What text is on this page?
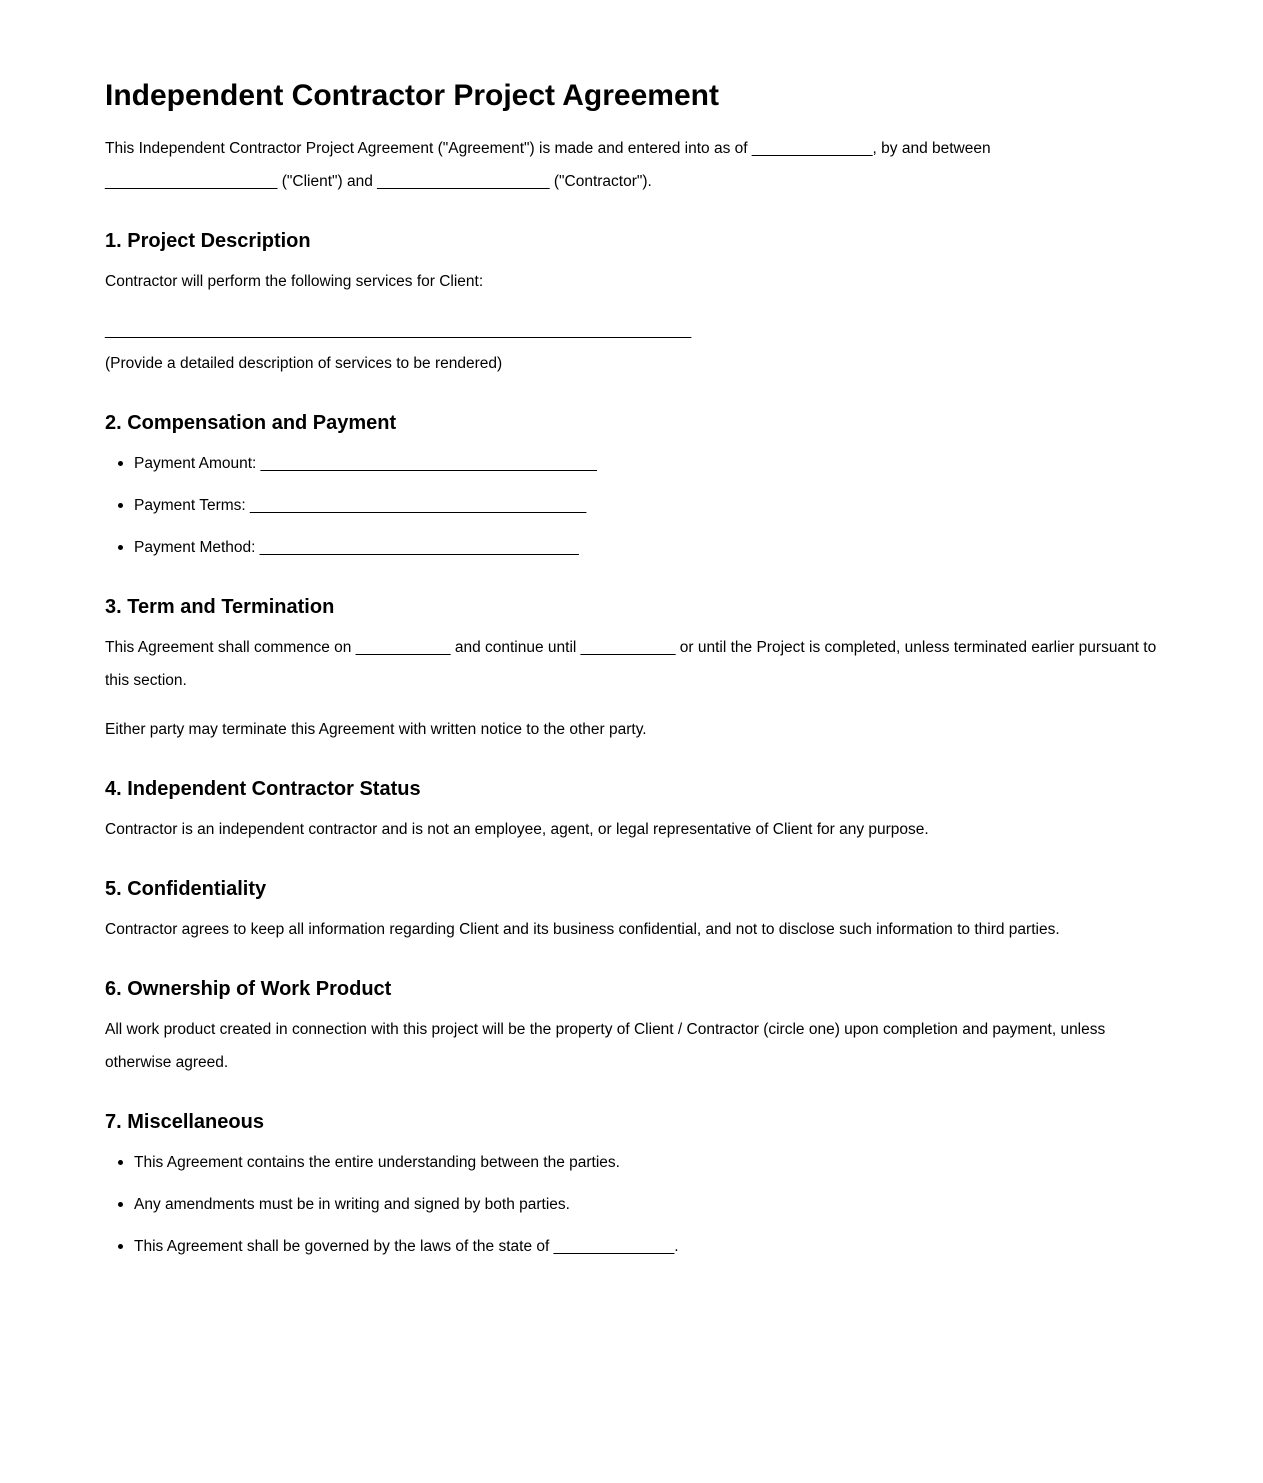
Independent Contractor Project Agreement

This Independent Contractor Project Agreement ("Agreement") is made and entered into as of ______________, by and between ____________________ ("Client") and ____________________ ("Contractor").

1. Project Description

Contractor will perform the following services for Client:

____________________________________________________________________

(Provide a detailed description of services to be rendered)

2. Compensation and Payment
Payment Amount: _______________________________________
Payment Terms: _______________________________________
Payment Method: _____________________________________
3. Term and Termination

This Agreement shall commence on ___________ and continue until ___________ or until the Project is completed, unless terminated earlier pursuant to this section.

Either party may terminate this Agreement with written notice to the other party.

4. Independent Contractor Status

Contractor is an independent contractor and is not an employee, agent, or legal representative of Client for any purpose.

5. Confidentiality

Contractor agrees to keep all information regarding Client and its business confidential, and not to disclose such information to third parties.

6. Ownership of Work Product

All work product created in connection with this project will be the property of Client / Contractor (circle one) upon completion and payment, unless otherwise agreed.

7. Miscellaneous
This Agreement contains the entire understanding between the parties.
Any amendments must be in writing and signed by both parties.
This Agreement shall be governed by the laws of the state of ______________.
